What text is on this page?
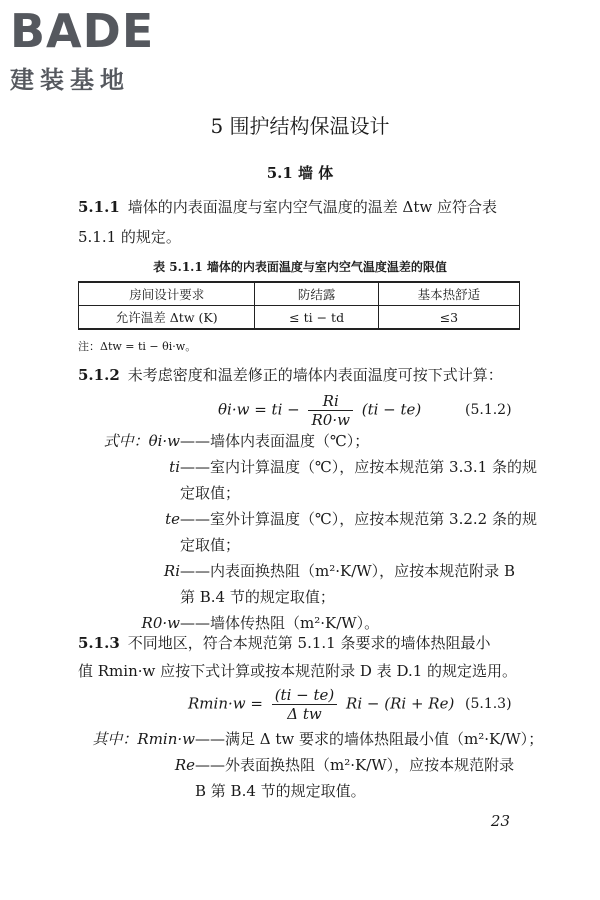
BADE
建装基地
5 围护结构保温设计
5.1 墙 体
5.1.1 墙体的内表面温度与室内空气温度的温差 Δtw 应符合表
5.1.1 的规定。
表 5.1.1 墙体的内表面温度与室内空气温度温差的限值
房间设计要求	防结露	基本热舒适
允许温差 Δtw (K)	≤ ti − td	≤3
注：Δtw = ti − θi·w。
5.1.2 未考虑密度和温差修正的墙体内表面温度可按下式计算：
θi·w = ti − $\frac{Ri}{R0\cdot w} (ti - te)$	(5.1.2)
式中：θi·w ——墙体内表面温度（℃）；
ti ——室内计算温度（℃），应按本规范第 3.3.1 条的规
定取值；
te ——室外计算温度（℃），应按本规范第 3.2.2 条的规
定取值；
Ri ——内表面换热阻（m²·K/W），应按本规范附录 B
第 B.4 节的规定取值；
R0·w ——墙体传热阻（m²·K/W）。
5.1.3 不同地区，符合本规范第 5.1.1 条要求的墙体热阻最小
值 Rmin·w 应按下式计算或按本规范附录 D 表 D.1 的规定选用。
$Rmin\cdot w = \frac{(ti - te)}{\text{Δ tw}}$ Ri − (Ri + Re) (5.1.3)
其中：Rmin·w ——满足 Δ tw 要求的墙体热阻最小值（m²·K/W）；
Re ——外表面换热阻（m²·K/W），应按本规范附录
B 第 B.4 节的规定取值。
23
